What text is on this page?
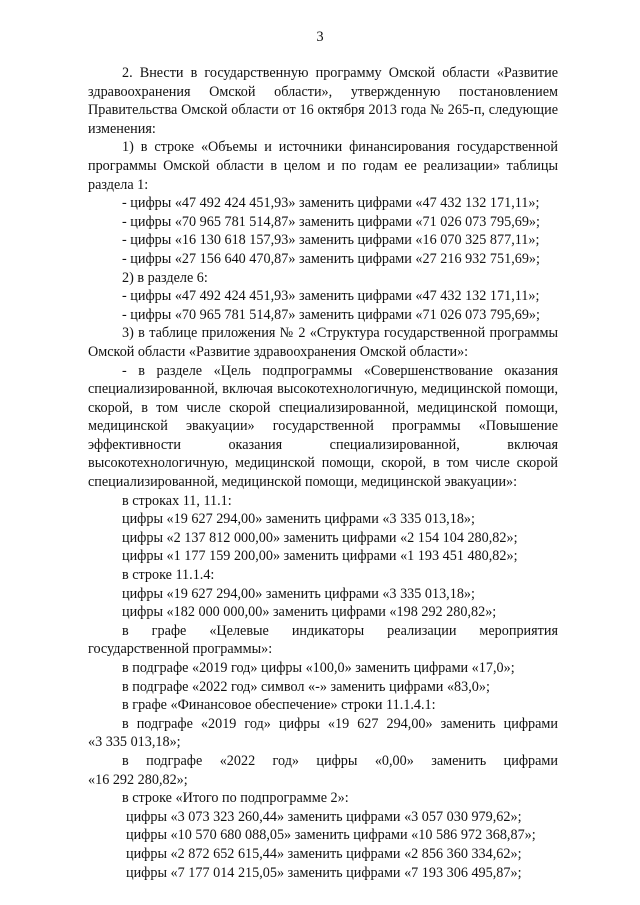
3
2. Внести в государственную программу Омской области «Развитие
здравоохранения Омской области», утвержденную постановлением
Правительства Омской области от 16 октября 2013 года № 265-п, следующие
изменения:
1) в строке «Объемы и источники финансирования государственной
программы Омской области в целом и по годам ее реализации» таблицы
раздела 1:
- цифры «47 492 424 451,93» заменить цифрами «47 432 132 171,11»;
- цифры «70 965 781 514,87» заменить цифрами «71 026 073 795,69»;
- цифры «16 130 618 157,93» заменить цифрами «16 070 325 877,11»;
- цифры «27 156 640 470,87» заменить цифрами «27 216 932 751,69»;
2) в разделе 6:
- цифры «47 492 424 451,93» заменить цифрами «47 432 132 171,11»;
- цифры «70 965 781 514,87» заменить цифрами «71 026 073 795,69»;
3) в таблице приложения № 2 «Структура государственной программы
Омской области «Развитие здравоохранения Омской области»:
- в разделе «Цель подпрограммы «Совершенствование оказания
специализированной, включая высокотехнологичную, медицинской помощи,
скорой, в том числе скорой специализированной, медицинской помощи,
медицинской эвакуации» государственной программы «Повышение
эффективности оказания специализированной, включая
высокотехнологичную, медицинской помощи, скорой, в том числе скорой
специализированной, медицинской помощи, медицинской эвакуации»:
в строках 11, 11.1:
цифры «19 627 294,00» заменить цифрами «3 335 013,18»;
цифры «2 137 812 000,00» заменить цифрами «2 154 104 280,82»;
цифры «1 177 159 200,00» заменить цифрами «1 193 451 480,82»;
в строке 11.1.4:
цифры «19 627 294,00» заменить цифрами «3 335 013,18»;
цифры «182 000 000,00» заменить цифрами «198 292 280,82»;
в графе «Целевые индикаторы реализации мероприятия
государственной программы»:
в подграфе «2019 год» цифры «100,0» заменить цифрами «17,0»;
в подграфе «2022 год» символ «-» заменить цифрами «83,0»;
в графе «Финансовое обеспечение» строки 11.1.4.1:
в подграфе «2019 год» цифры «19 627 294,00» заменить цифрами
«3 335 013,18»;
в подграфе «2022 год» цифры «0,00» заменить цифрами
«16 292 280,82»;
в строке «Итого по подпрограмме 2»:
цифры «3 073 323 260,44» заменить цифрами «3 057 030 979,62»;
цифры «10 570 680 088,05» заменить цифрами «10 586 972 368,87»;
цифры «2 872 652 615,44» заменить цифрами «2 856 360 334,62»;
цифры «7 177 014 215,05» заменить цифрами «7 193 306 495,87»;
